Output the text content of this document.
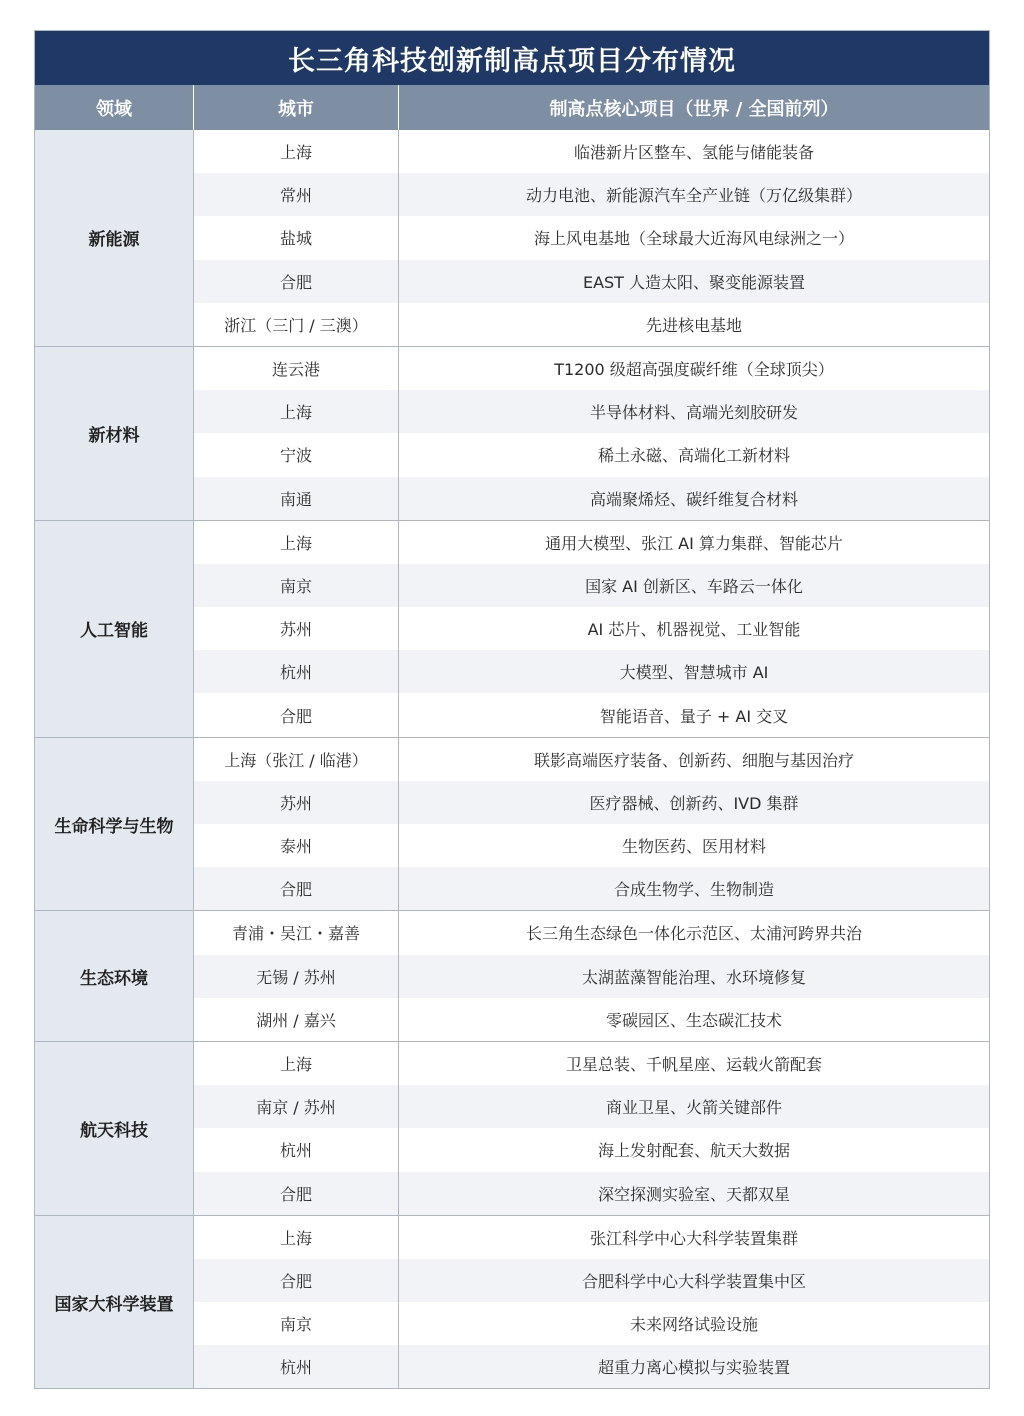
长三角科技创新制高点项目分布情况
领域	城市	制高点核心项目（世界 / 全国前列）
新能源
上海	临港新片区整车、氢能与储能装备
常州	动力电池、新能源汽车全产业链（万亿级集群）
盐城	海上风电基地（全球最大近海风电绿洲之一）
合肥	EAST 人造太阳、聚变能源装置
浙江（三门 / 三澳）	先进核电基地
新材料
连云港	T1200 级超高强度碳纤维（全球顶尖）
上海	半导体材料、高端光刻胶研发
宁波	稀土永磁、高端化工新材料
南通	高端聚烯烃、碳纤维复合材料
人工智能
上海	通用大模型、张江 AI 算力集群、智能芯片
南京	国家 AI 创新区、车路云一体化
苏州	AI 芯片、机器视觉、工业智能
杭州	大模型、智慧城市 AI
合肥	智能语音、量子 + AI 交叉
生命科学与生物
上海（张江 / 临港）	联影高端医疗装备、创新药、细胞与基因治疗
苏州	医疗器械、创新药、IVD 集群
泰州	生物医药、医用材料
合肥	合成生物学、生物制造
生态环境
青浦・吴江・嘉善	长三角生态绿色一体化示范区、太浦河跨界共治
无锡 / 苏州	太湖蓝藻智能治理、水环境修复
湖州 / 嘉兴	零碳园区、生态碳汇技术
航天科技
上海	卫星总装、千帆星座、运载火箭配套
南京 / 苏州	商业卫星、火箭关键部件
杭州	海上发射配套、航天大数据
合肥	深空探测实验室、天都双星
国家大科学装置
上海	张江科学中心大科学装置集群
合肥	合肥科学中心大科学装置集中区
南京	未来网络试验设施
杭州	超重力离心模拟与实验装置
